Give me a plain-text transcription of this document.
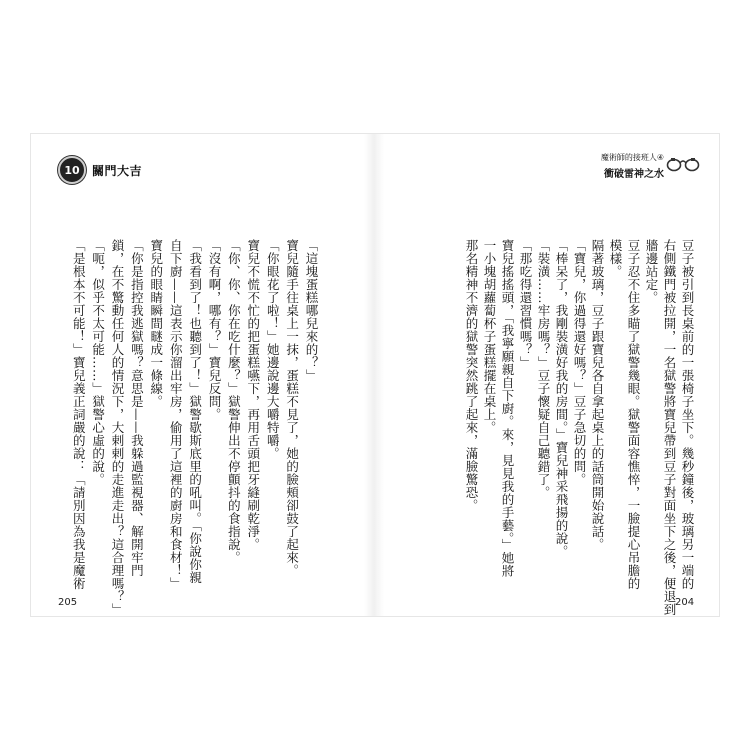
10 關門大吉
魔術師的接班人④
衝破雷神之水
豆子被引到長桌前的一張椅子坐下。幾秒鐘後，玻璃另一端的
右側鐵門被拉開，一名獄警將寶兒帶到豆子對面坐下之後，便退到
牆邊站定。
豆子忍不住多瞄了獄警幾眼。獄警面容憔悴，一臉提心吊膽的
模樣。
隔著玻璃，豆子跟寶兒各自拿起桌上的話筒開始說話。
「寶兒，你過得還好嗎？」豆子急切的問。
「棒呆了，我剛裝潢好我的房間。」寶兒神采飛揚的說。
「裝潢……牢房嗎？」豆子懷疑自己聽錯了。
「那吃得還習慣嗎？」
寶兒搖搖頭，「我寧願親自下廚。來，見見我的手藝。」她將
一小塊胡蘿蔔杯子蛋糕擺在桌上。
那名精神不濟的獄警突然跳了起來，滿臉驚恐。
「這塊蛋糕哪兒來的？」
寶兒隨手往桌上一抹，蛋糕不見了，她的臉頰卻鼓了起來。
「你眼花了啦！」她邊說邊大嚼特嚼。
寶兒不慌不忙的把蛋糕嚥下，再用舌頭把牙縫刷乾淨。
「你、你、你在吃什麼？」獄警伸出不停顫抖的食指說。
「沒有啊，哪有？」寶兒反問。
「我看到了！也聽到了！」獄警歇斯底里的吼叫。「你說你親
自下廚——這表示你溜出牢房，偷用了這裡的廚房和食材！」
寶兒的眼睛瞬間瞇成一條線。
「你是指控我逃獄嗎？意思是——我躲過監視器、解開牢門
鎖，在不驚動任何人的情況下，大剌剌的走進走出？這合理嗎？」
「呃，似乎不太可能……」獄警心虛的說。
「是根本不可能！」寶兒義正詞嚴的說：「請別因為我是魔術
205	204
